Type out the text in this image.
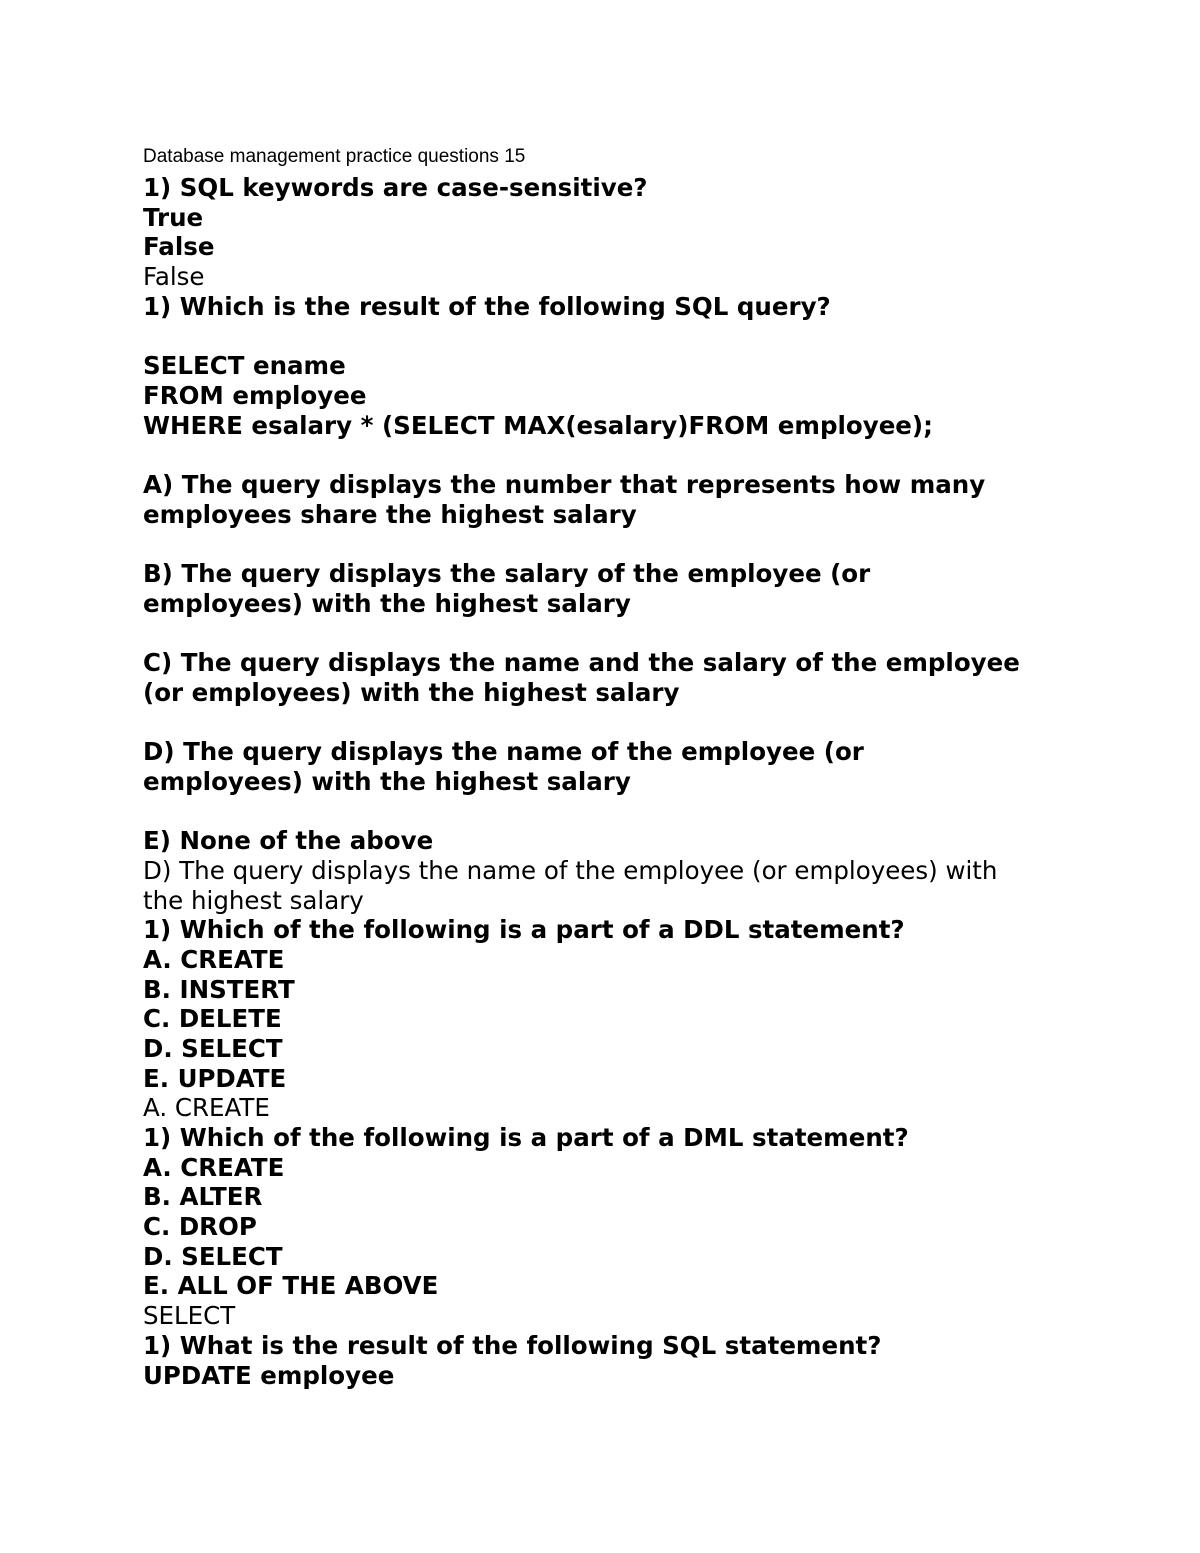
Database management practice questions 15
1) SQL keywords are case-sensitive?
True
False
False
1) Which is the result of the following SQL query?
SELECT ename
FROM employee
WHERE esalary * (SELECT MAX(esalary)FROM employee);
A) The query displays the number that represents how many
employees share the highest salary
B) The query displays the salary of the employee (or
employees) with the highest salary
C) The query displays the name and the salary of the employee
(or employees) with the highest salary
D) The query displays the name of the employee (or
employees) with the highest salary
E) None of the above
D) The query displays the name of the employee (or employees) with
the highest salary
1) Which of the following is a part of a DDL statement?
A. CREATE
B. INSTERT
C. DELETE
D. SELECT
E. UPDATE
A. CREATE
1) Which of the following is a part of a DML statement?
A. CREATE
B. ALTER
C. DROP
D. SELECT
E. ALL OF THE ABOVE
SELECT
1) What is the result of the following SQL statement?
UPDATE employee
